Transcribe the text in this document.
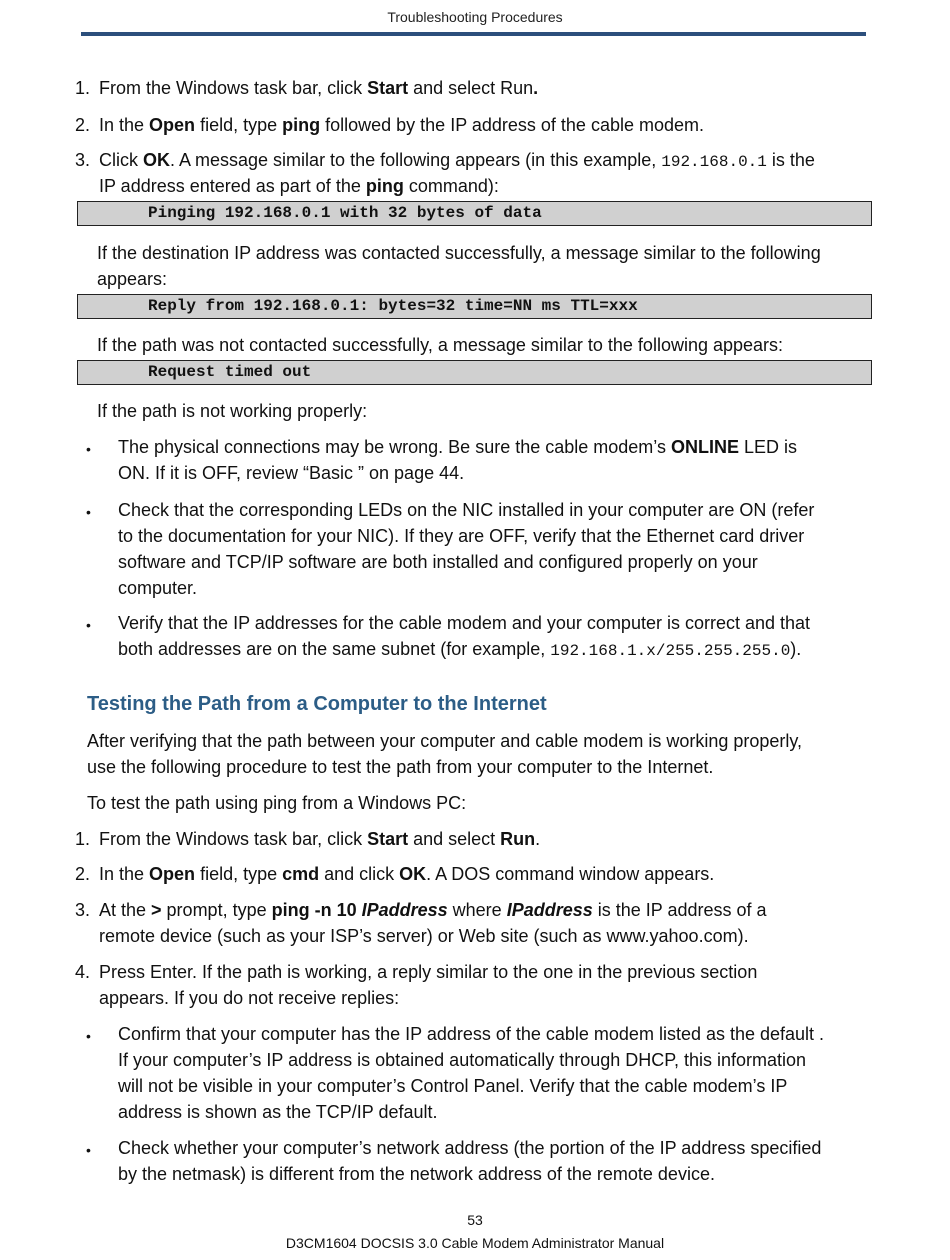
Troubleshooting Procedures
1. From the Windows task bar, click Start and select Run.
2. In the Open field, type ping followed by the IP address of the cable modem.
3. Click OK. A message similar to the following appears (in this example, 192.168.0.1 is the
IP address entered as part of the ping command):
Pinging 192.168.0.1 with 32 bytes of data
If the destination IP address was contacted successfully, a message similar to the following
appears:
Reply from 192.168.0.1: bytes=32 time=NN ms TTL=xxx
If the path was not contacted successfully, a message similar to the following appears:
Request timed out
If the path is not working properly:
• The physical connections may be wrong. Be sure the cable modem’s ONLINE LED is
ON. If it is OFF, review “Basic ” on page 44.
• Check that the corresponding LEDs on the NIC installed in your computer are ON (refer
to the documentation for your NIC). If they are OFF, verify that the Ethernet card driver
software and TCP/IP software are both installed and configured properly on your
computer.
• Verify that the IP addresses for the cable modem and your computer is correct and that
both addresses are on the same subnet (for example, 192.168.1.x/255.255.255.0).
Testing the Path from a Computer to the Internet
After verifying that the path between your computer and cable modem is working properly,
use the following procedure to test the path from your computer to the Internet.
To test the path using ping from a Windows PC:
1. From the Windows task bar, click Start and select Run.
2. In the Open field, type cmd and click OK. A DOS command window appears.
3. At the > prompt, type ping -n 10 IPaddress where IPaddress is the IP address of a
remote device (such as your ISP’s server) or Web site (such as www.yahoo.com).
4. Press Enter. If the path is working, a reply similar to the one in the previous section
appears. If you do not receive replies:
• Confirm that your computer has the IP address of the cable modem listed as the default .
If your computer’s IP address is obtained automatically through DHCP, this information
will not be visible in your computer’s Control Panel. Verify that the cable modem’s IP
address is shown as the TCP/IP default.
• Check whether your computer’s network address (the portion of the IP address specified
by the netmask) is different from the network address of the remote device.
53
D3CM1604 DOCSIS 3.0 Cable Modem Administrator Manual
